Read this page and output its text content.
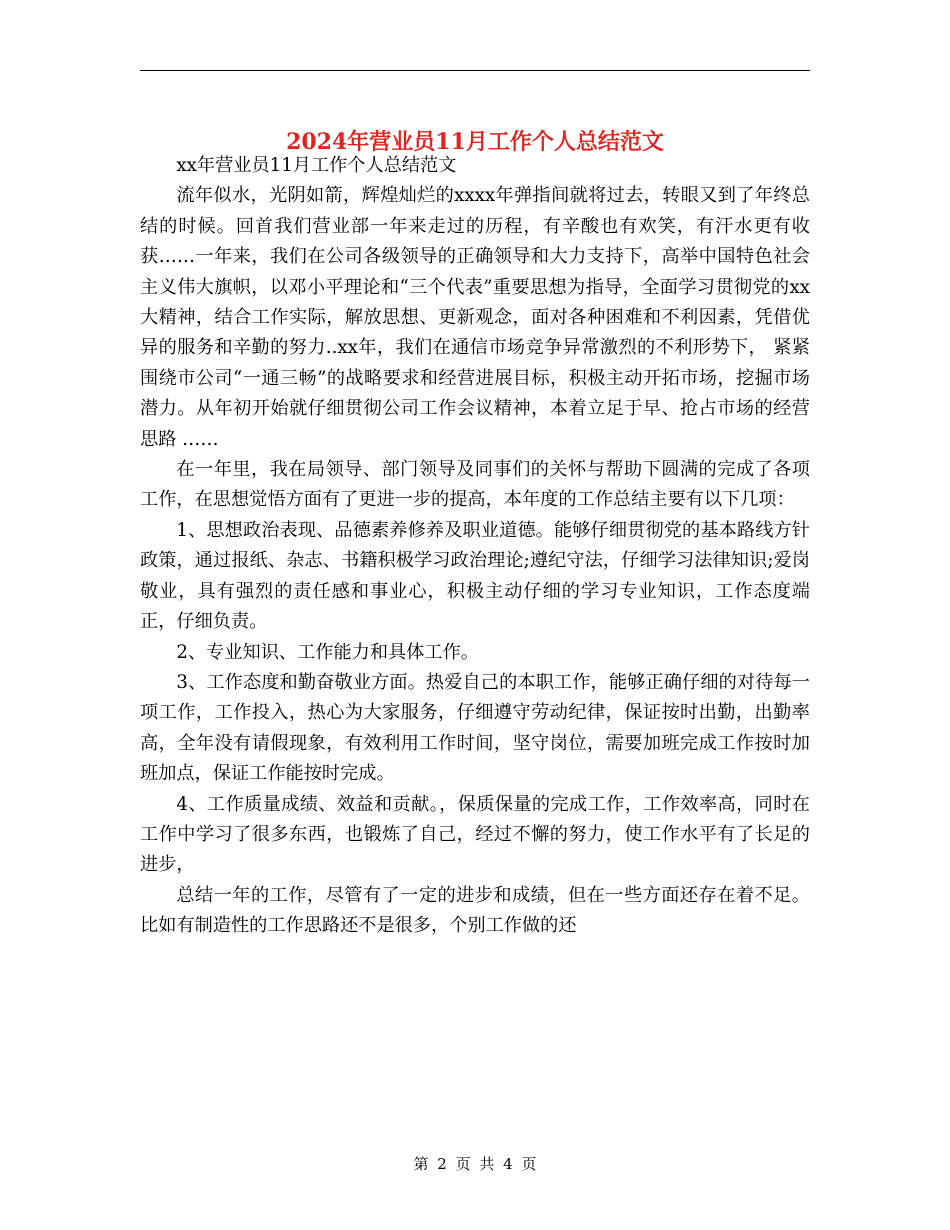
2024年营业员11月工作个人总结范文

xx年营业员11月工作个人总结范文

流年似水，光阴如箭，辉煌灿烂的xxxx年弹指间就将过去，转眼又到了年终总结的时候。回首我们营业部一年来走过的历程，有辛酸也有欢笑，有汗水更有收获……一年来，我们在公司各级领导的正确领导和大力支持下，高举中国特色社会主义伟大旗帜，以邓小平理论和“三个代表”重要思想为指导，全面学习贯彻党的xx大精神，结合工作实际，解放思想、更新观念，面对各种困难和不利因素，凭借优异的服务和辛勤的努力..xx年，我们在通信市场竞争异常激烈的不利形势下， 紧紧围绕市公司“一通三畅”的战略要求和经营进展目标，积极主动开拓市场，挖掘市场潜力。从年初开始就仔细贯彻公司工作会议精神，本着立足于早、抢占市场的经营思路 ……

在一年里，我在局领导、部门领导及同事们的关怀与帮助下圆满的完成了各项工作，在思想觉悟方面有了更进一步的提高，本年度的工作总结主要有以下几项：

1、思想政治表现、品德素养修养及职业道德。能够仔细贯彻党的基本路线方针政策，通过报纸、杂志、书籍积极学习政治理论;遵纪守法，仔细学习法律知识;爱岗敬业，具有强烈的责任感和事业心，积极主动仔细的学习专业知识，工作态度端正，仔细负责。

2、专业知识、工作能力和具体工作。

3、工作态度和勤奋敬业方面。热爱自己的本职工作，能够正确仔细的对待每一项工作，工作投入，热心为大家服务，仔细遵守劳动纪律，保证按时出勤，出勤率高，全年没有请假现象，有效利用工作时间，坚守岗位，需要加班完成工作按时加班加点，保证工作能按时完成。

4、工作质量成绩、效益和贡献。，保质保量的完成工作，工作效率高，同时在工作中学习了很多东西，也锻炼了自己，经过不懈的努力，使工作水平有了长足的进步，

总结一年的工作，尽管有了一定的进步和成绩，但在一些方面还存在着不足。比如有制造性的工作思路还不是很多，个别工作做的还

第 2 页 共 4 页
